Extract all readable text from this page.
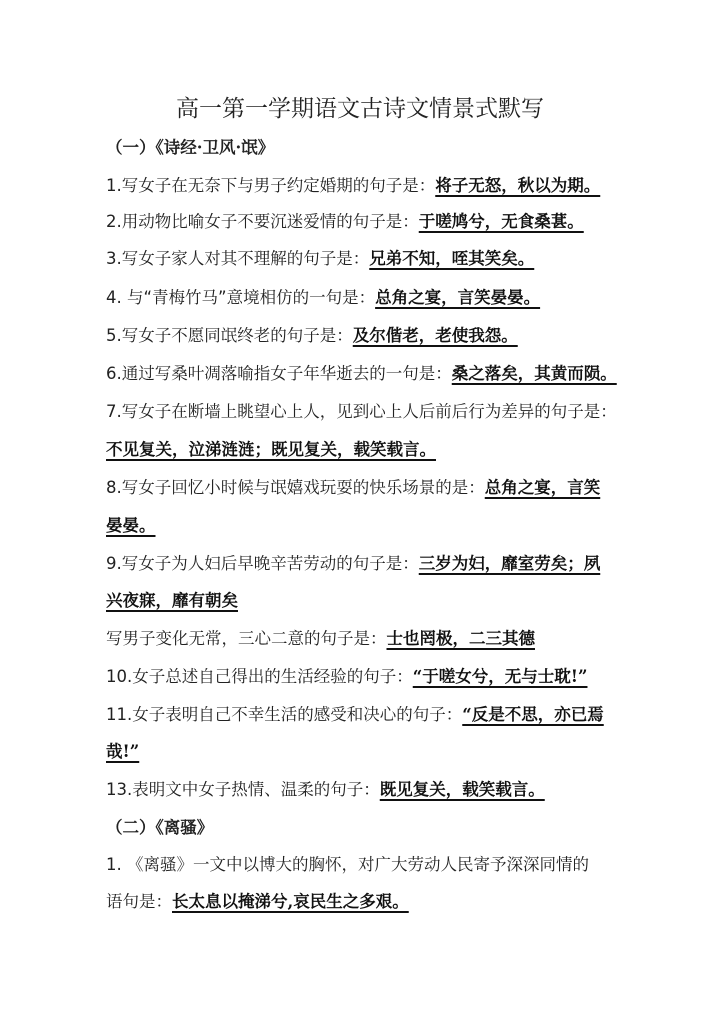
高一第一学期语文古诗文情景式默写
（一）《诗经·卫风·氓》
1.写女子在无奈下与男子约定婚期的句子是：将子无怒，秋以为期。
2.用动物比喻女子不要沉迷爱情的句子是：于嗟鸠兮，无食桑葚。
3.写女子家人对其不理解的句子是：兄弟不知，咥其笑矣。
4. 与“青梅竹马”意境相仿的一句是：总角之宴，言笑晏晏。
5.写女子不愿同氓终老的句子是：及尔偕老，老使我怨。
6.通过写桑叶凋落喻指女子年华逝去的一句是：桑之落矣，其黄而陨。
7.写女子在断墙上眺望心上人，见到心上人后前后行为差异的句子是：
不见复关，泣涕涟涟；既见复关，载笑载言。
8.写女子回忆小时候与氓嬉戏玩耍的快乐场景的是：总角之宴，言笑
晏晏。
9.写女子为人妇后早晚辛苦劳动的句子是：三岁为妇，靡室劳矣；夙
兴夜寐，靡有朝矣
写男子变化无常，三心二意的句子是：士也罔极，二三其德
10.女子总述自己得出的生活经验的句子：“于嗟女兮，无与士耽!”
11.女子表明自己不幸生活的感受和决心的句子：“反是不思，亦已焉
哉!”
13.表明文中女子热情、温柔的句子：既见复关，载笑载言。
（二）《离骚》
1. 《离骚》一文中以博大的胸怀，对广大劳动人民寄予深深同情的
语句是：长太息以掩涕兮,哀民生之多艰。
